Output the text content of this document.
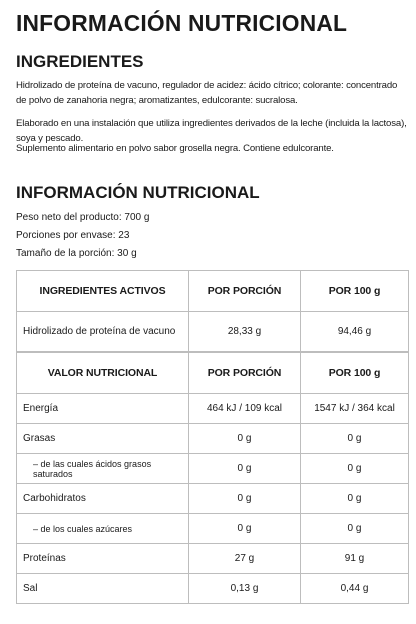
INFORMACIÓN NUTRICIONAL
INGREDIENTES
Hidrolizado de proteína de vacuno, regulador de acidez: ácido cítrico; colorante: concentrado de polvo de zanahoria negra; aromatizantes, edulcorante: sucralosa.
Elaborado en una instalación que utiliza ingredientes derivados de la leche (incluida la lactosa), soya y pescado.
Suplemento alimentario en polvo sabor grosella negra. Contiene edulcorante.
INFORMACIÓN NUTRICIONAL
Peso neto del producto: 700 g
Porciones por envase: 23
Tamaño de la porción: 30 g
INGREDIENTES ACTIVOS	POR PORCIÓN	POR 100 g
Hidrolizado de proteína de vacuno	28,33 g	94,46 g
VALOR NUTRICIONAL	POR PORCIÓN	POR 100 g
Energía	464 kJ / 109 kcal	1547 kJ / 364 kcal
Grasas	0 g	0 g
– de las cuales ácidos grasos saturados	0 g	0 g
Carbohidratos	0 g	0 g
– de los cuales azúcares	0 g	0 g
Proteínas	27 g	91 g
Sal	0,13 g	0,44 g
